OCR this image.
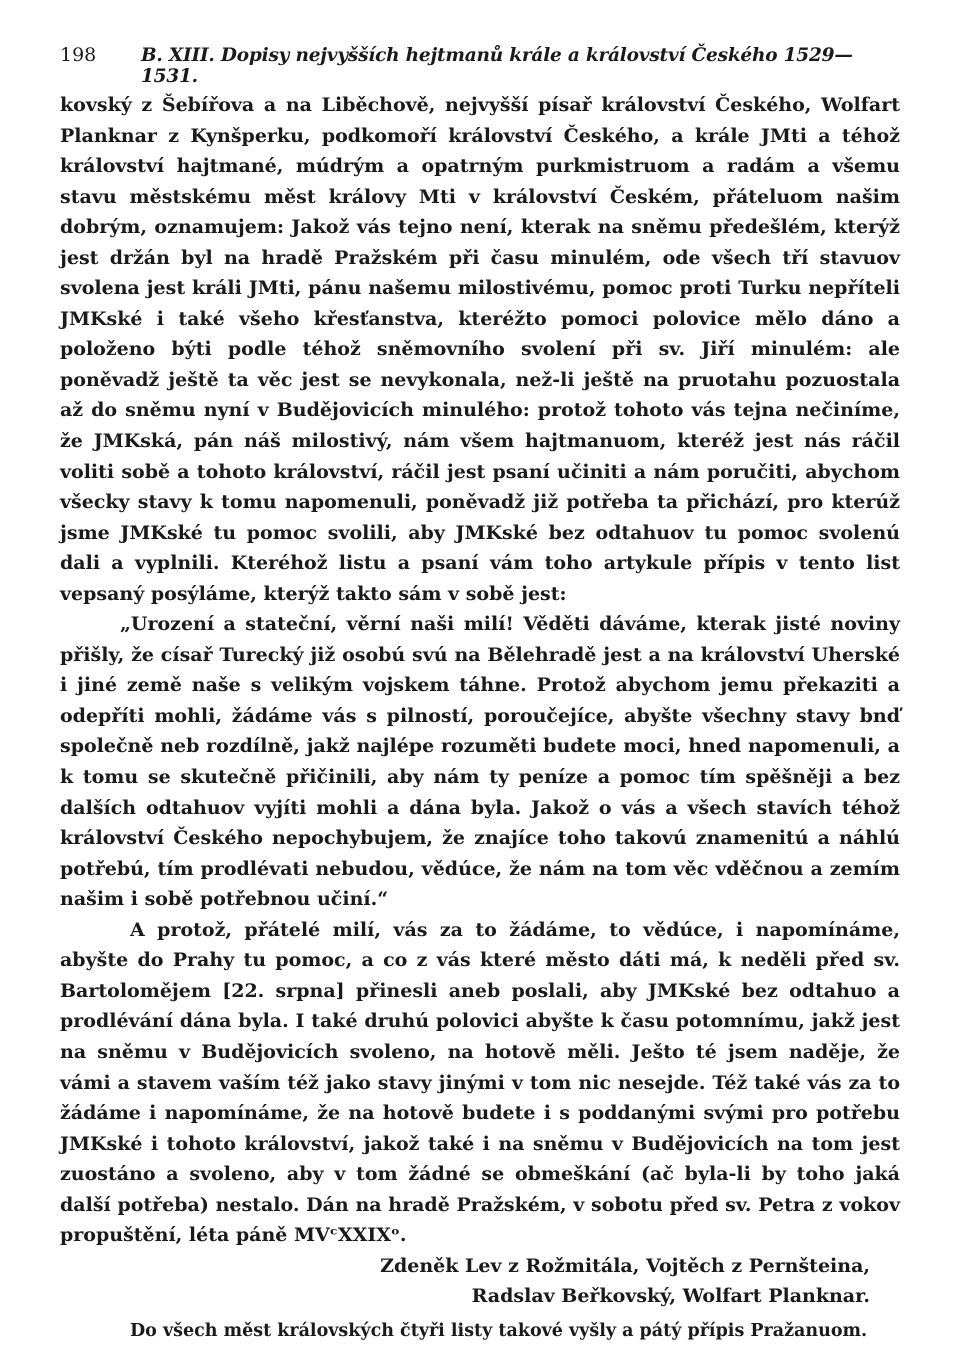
198	B. XIII. Dopisy nejvyšších hejtmanů krále a království Českého 1529—1531.

kovský z Šebířova a na Liběchově, nejvyšší písař království Českého, Wolfart Planknar z Kynšperku, podkomoří království Českého, a krále JMti a téhož království hajtmané, múdrým a opatrným purkmistruom a radám a všemu stavu městskému měst královy Mti v království Českém, přáteluom našim dobrým, oznamujem: Jakož vás tejno není, kterak na sněmu předešlém, kterýž jest držán byl na hradě Pražském při času minulém, ode všech tří stavuov svolena jest králi JMti, pánu našemu milostivému, pomoc proti Turku nepříteli JMKské i také všeho křesťanstva, kteréžto pomoci polovice mělo dáno a položeno býti podle téhož sněmovního svolení při sv. Jiří minulém: ale poněvadž ještě ta věc jest se nevykonala, než-li ještě na pruotahu pozuostala až do sněmu nyní v Budějovicích minulého: protož tohoto vás tejna nečiníme, že JMKská, pán náš milostivý, nám všem hajtmanuom, kteréž jest nás ráčil voliti sobě a tohoto království, ráčil jest psaní učiniti a nám poručiti, abychom všecky stavy k tomu napomenuli, poněvadž již potřeba ta přichází, pro kterúž jsme JMKské tu pomoc svolili, aby JMKské bez odtahuov tu pomoc svolenú dali a vyplnili. Kteréhož listu a psaní vám toho artykule přípis v tento list vepsaný posýláme, kterýž takto sám v sobě jest:

„Urození a stateční, věrní naši milí! Věděti dáváme, kterak jisté noviny přišly, že císař Turecký již osobú svú na Bělehradě jest a na království Uherské i jiné země naše s velikým vojskem táhne. Protož abychom jemu překaziti a odepříti mohli, žádáme vás s pilností, poroučejíce, abyšte všechny stavy bnď společně neb rozdílně, jakž najlépe rozuměti budete moci, hned napomenuli, a k tomu se skutečně přičinili, aby nám ty peníze a pomoc tím spěšněji a bez dalších odtahuov vyjíti mohli a dána byla. Jakož o vás a všech stavích téhož království Českého nepochybujem, že znajíce toho takovú znamenitú a náhlú potřebú, tím prodlévati nebudou, vědúce, že nám na tom věc vděčnou a zemím našim i sobě potřebnou učiní.“

A protož, přátelé milí, vás za to žádáme, to vědúce, i napomínáme, abyšte do Prahy tu pomoc, a co z vás které město dáti má, k neděli před sv. Bartolomějem [22. srpna] přinesli aneb poslali, aby JMKské bez odtahuo a prodlévání dána byla. I také druhú polovici abyšte k času potomnímu, jakž jest na sněmu v Budějovicích svoleno, na hotově měli. Ješto té jsem naděje, že vámi a stavem vaším též jako stavy jinými v tom nic nesejde. Též také vás za to žádáme i napomínáme, že na hotově budete i s poddanými svými pro potřebu JMKské i tohoto království, jakož také i na sněmu v Budějovicích na tom jest zuostáno a svoleno, aby v tom žádné se obmeškání (ač byla-li by toho jaká další potřeba) nestalo. Dán na hradě Pražském, v sobotu před sv. Petra z vokov propuštění, léta páně MVᶜXXIXᵒ.

Zdeněk Lev z Rožmitála, Vojtěch z Pernšteina,
Radslav Beřkovský, Wolfart Planknar.
Do všech měst královských čtyři listy takové vyšly a pátý přípis Pražanuom.
